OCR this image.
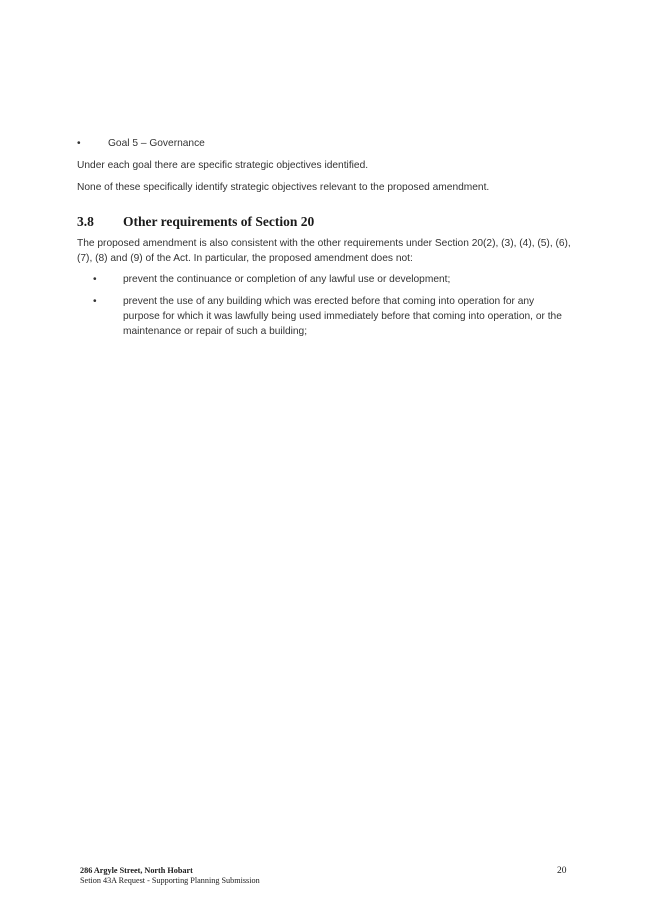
•	Goal 5 – Governance

Under each goal there are specific strategic objectives identified.

None of these specifically identify strategic objectives relevant to the proposed amendment.

3.8 Other requirements of Section 20

The proposed amendment is also consistent with the other requirements under Section 20(2), (3), (4), (5), (6), (7), (8) and (9) of the Act. In particular, the proposed amendment does not:

•	prevent the continuance or completion of any lawful use or development;
•	prevent the use of any building which was erected before that coming into operation for any purpose for which it was lawfully being used immediately before that coming into operation, or the maintenance or repair of such a building;
286 Argyle Street, North Hobart
Setion 43A Request - Supporting Planning Submission
20
